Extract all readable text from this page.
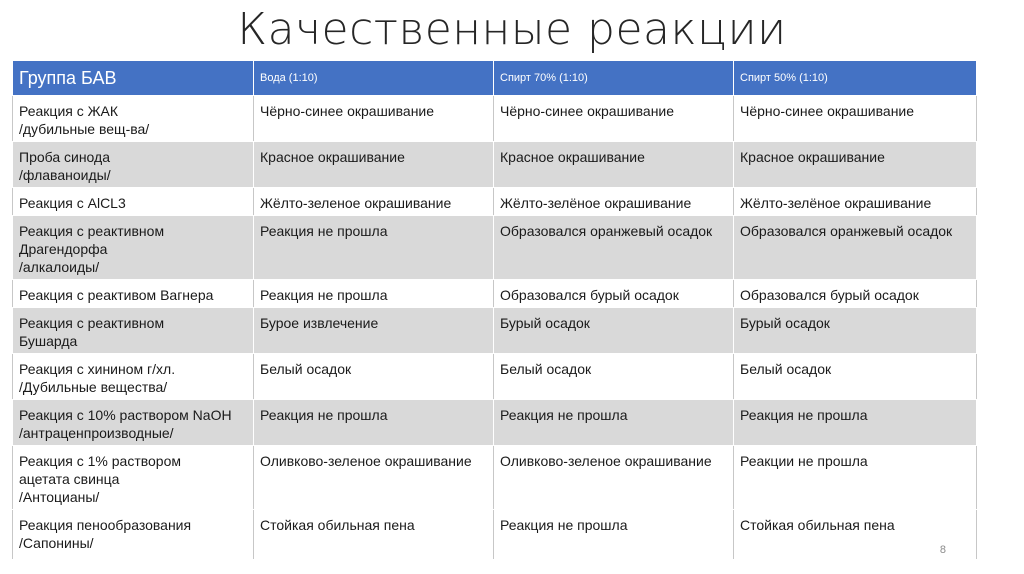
Качественные реакции
Группа БАВ	Вода (1:10)	Спирт 70% (1:10)	Спирт 50% (1:10)
Реакция с ЖАК
/дубильные вещ-ва/	Чёрно-синее окрашивание	Чёрно-синее окрашивание	Чёрно-синее окрашивание
Проба синода
/флаваноиды/	Красное окрашивание	Красное окрашивание	Красное окрашивание
Реакция с AlCL3	Жёлто-зеленое окрашивание	Жёлто-зелёное окрашивание	Жёлто-зелёное окрашивание
Реакция с реактивном
Драгендорфа
/алкалоиды/	Реакция не прошла	Образовался оранжевый осадок	Образовался оранжевый осадок
Реакция с реактивом Вагнера	Реакция не прошла	Образовался бурый осадок	Образовался бурый осадок
Реакция с реактивном
Бушарда	Бурое извлечение	Бурый осадок	Бурый осадок
Реакция с хинином г/хл.
/Дубильные вещества/	Белый осадок	Белый осадок	Белый осадок
Реакция с 10% раствором NaOH
/антраценпроизводные/	Реакция не прошла	Реакция не прошла	Реакция не прошла
Реакция с 1% раствором
ацетата свинца
/Антоцианы/	Оливково-зеленое окрашивание	Оливково-зеленое окрашивание	Реакции не прошла
Реакция пенообразования
/Сапонины/	Стойкая обильная пена	Реакция не прошла	Стойкая обильная пена
8
